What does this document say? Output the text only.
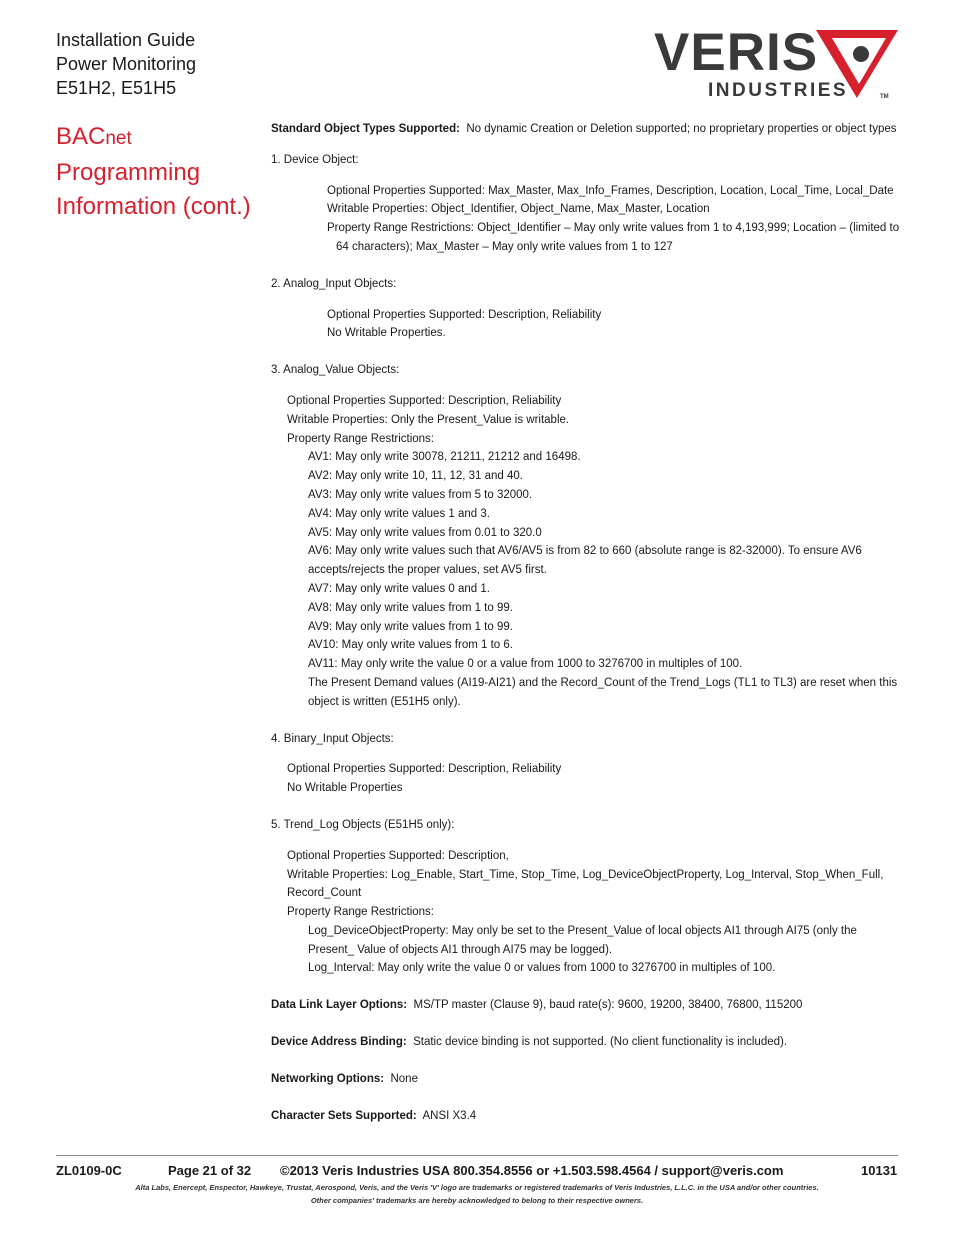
Installation Guide
Power Monitoring
E51H2, E51H5
VERIS
INDUSTRIES	TM
BACnet
Programming
Information (cont.)

Standard Object Types Supported: No dynamic Creation or Deletion supported; no proprietary properties or object types

1. Device Object:

Optional Properties Supported: Max_Master, Max_Info_Frames, Description, Location, Local_Time, Local_Date

Writable Properties: Object_Identifier, Object_Name, Max_Master, Location

Property Range Restrictions: Object_Identifier – May only write values from 1 to 4,193,999; Location – (limited to 64 characters); Max_Master – May only write values from 1 to 127

2. Analog_Input Objects:

Optional Properties Supported: Description, Reliability

No Writable Properties.

3. Analog_Value Objects:

Optional Properties Supported: Description, Reliability

Writable Properties: Only the Present_Value is writable.

Property Range Restrictions:

AV1: May only write 30078, 21211, 21212 and 16498.

AV2: May only write 10, 11, 12, 31 and 40.

AV3: May only write values from 5 to 32000.

AV4: May only write values 1 and 3.

AV5: May only write values from 0.01 to 320.0

AV6: May only write values such that AV6/AV5 is from 82 to 660 (absolute range is 82-32000). To ensure AV6 accepts/rejects the proper values, set AV5 first.

AV7: May only write values 0 and 1.

AV8: May only write values from 1 to 99.

AV9: May only write values from 1 to 99.

AV10: May only write values from 1 to 6.

AV11: May only write the value 0 or a value from 1000 to 3276700 in multiples of 100.

The Present Demand values (AI19-AI21) and the Record_Count of the Trend_Logs (TL1 to TL3) are reset when this object is written (E51H5 only).

4. Binary_Input Objects:

Optional Properties Supported: Description, Reliability

No Writable Properties

5. Trend_Log Objects (E51H5 only):

Optional Properties Supported: Description,

Writable Properties: Log_Enable, Start_Time, Stop_Time, Log_DeviceObjectProperty, Log_Interval, Stop_When_Full, Record_Count

Property Range Restrictions:

Log_DeviceObjectProperty: May only be set to the Present_Value of local objects AI1 through AI75 (only the Present_ Value of objects AI1 through AI75 may be logged).

Log_Interval: May only write the value 0 or values from 1000 to 3276700 in multiples of 100.

Data Link Layer Options: MS/TP master (Clause 9), baud rate(s): 9600, 19200, 38400, 76800, 115200

Device Address Binding: Static device binding is not supported. (No client functionality is included).

Networking Options: None

Character Sets Supported: ANSI X3.4

ZL0109-0C	Page 21 of 32 ©2013 Veris Industries USA 800.354.8556 or +1.503.598.4564 / support@veris.com	10131
Alta Labs, Enercept, Enspector, Hawkeye, Trustat, Aerospond, Veris, and the Veris 'V' logo are trademarks or registered trademarks of Veris Industries, L.L.C. in the USA and/or other countries.
Other companies' trademarks are hereby acknowledged to belong to their respective owners.
